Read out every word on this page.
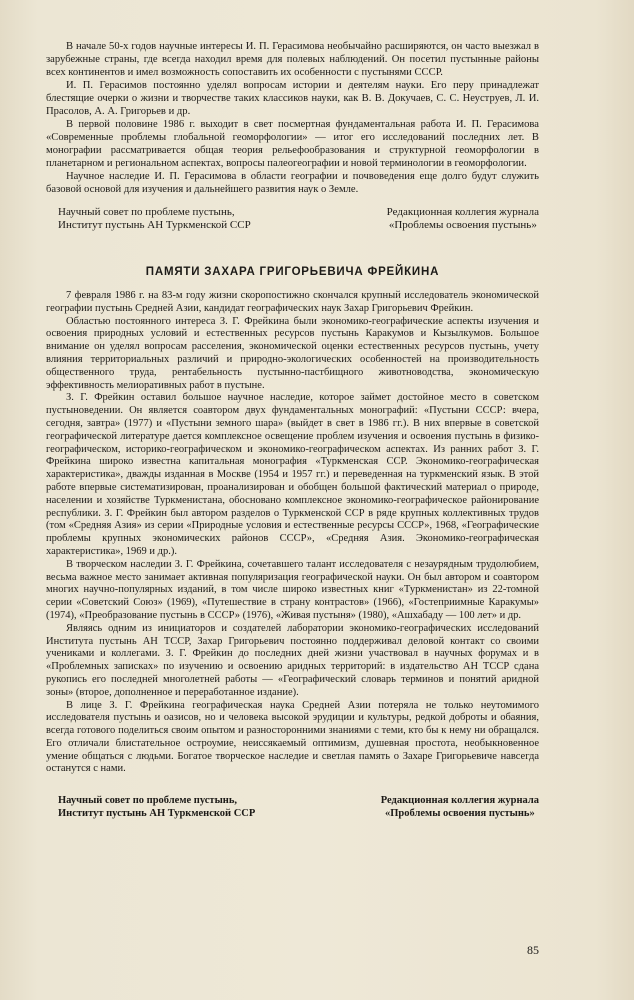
В начале 50-х годов научные интересы И. П. Герасимова необычайно расширяются, он часто выезжал в зарубежные страны, где всегда находил время для полевых наблюдений. Он посетил пустынные районы всех континентов и имел возможность сопоставить их особенности с пустынями СССР.

И. П. Герасимов постоянно уделял вопросам истории и деятелям науки. Его перу принадлежат блестящие очерки о жизни и творчестве таких классиков науки, как В. В. Докучаев, С. С. Неуструев, Л. И. Прасолов, А. А. Григорьев и др.

В первой половине 1986 г. выходит в свет посмертная фундаментальная работа И. П. Герасимова «Современные проблемы глобальной геоморфологии» — итог его исследований последних лет. В монографии рассматривается общая теория рельефообразования и структурной геоморфологии в планетарном и региональном аспектах, вопросы палеогеографии и новой терминологии в геоморфологии.

Научное наследие И. П. Герасимова в области географии и почвоведения еще долго будут служить базовой основой для изучения и дальнейшего развития наук о Земле.

Научный совет по проблеме пустынь,
Институт пустынь АН Туркменской ССР
Редакционная коллегия журнала
«Проблемы освоения пустынь»
ПАМЯТИ ЗАХАРА ГРИГОРЬЕВИЧА ФРЕЙКИНА

7 февраля 1986 г. на 83-м году жизни скоропостижно скончался крупный исследователь экономической географии пустынь Средней Азии, кандидат географических наук Захар Григорьевич Фрейкин.

Областью постоянного интереса З. Г. Фрейкина были экономико-географические аспекты изучения и освоения природных условий и естественных ресурсов пустынь Каракумов и Кызылкумов. Большое внимание он уделял вопросам расселения, экономической оценки естественных ресурсов пустынь, учету влияния территориальных различий и природно-экологических особенностей на производительность общественного труда, рентабельность пустынно-пастбищного животноводства, экономическую эффективность мелиоративных работ в пустыне.

З. Г. Фрейкин оставил большое научное наследие, которое займет достойное место в советском пустыноведении. Он является соавтором двух фундаментальных монографий: «Пустыни СССР: вчера, сегодня, завтра» (1977) и «Пустыни земного шара» (выйдет в свет в 1986 гг.). В них впервые в советской географической литературе дается комплексное освещение проблем изучения и освоения пустынь в физико-географическом, историко-географическом и экономико-географическом аспектах. Из ранних работ З. Г. Фрейкина широко известна капитальная монография «Туркменская ССР. Экономико-географическая характеристика», дважды изданная в Москве (1954 и 1957 гг.) и переведенная на туркменский язык. В этой работе впервые систематизирован, проанализирован и обобщен большой фактический материал о природе, населении и хозяйстве Туркменистана, обосновано комплексное экономико-географическое районирование республики. З. Г. Фрейкин был автором разделов о Туркменской ССР в ряде крупных коллективных трудов (том «Средняя Азия» из серии «Природные условия и естественные ресурсы СССР», 1968, «Географические проблемы крупных экономических районов СССР», «Средняя Азия. Экономико-географическая характеристика», 1969 и др.).

В творческом наследии З. Г. Фрейкина, сочетавшего талант исследователя с незаурядным трудолюбием, весьма важное место занимает активная популяризация географической науки. Он был автором и соавтором многих научно-популярных изданий, в том числе широко известных книг «Туркменистан» из 22-томной серии «Советский Союз» (1969), «Путешествие в страну контрастов» (1966), «Гостеприимные Каракумы» (1974), «Преобразование пустынь в СССР» (1976), «Живая пустыня» (1980), «Ашхабаду — 100 лет» и др.

Являясь одним из инициаторов и создателей лаборатории экономико-географических исследований Института пустынь АН ТССР, Захар Григорьевич постоянно поддерживал деловой контакт со своими учениками и коллегами. З. Г. Фрейкин до последних дней жизни участвовал в научных форумах и в «Проблемных записках» по изучению и освоению аридных территорий: в издательство АН ТССР сдана рукопись его последней многолетней работы — «Географический словарь терминов и понятий аридной зоны» (второе, дополненное и переработанное издание).

В лице З. Г. Фрейкина географическая наука Средней Азии потеряла не только неутомимого исследователя пустынь и оазисов, но и человека высокой эрудиции и культуры, редкой доброты и обаяния, всегда готового поделиться своим опытом и разносторонними знаниями с теми, кто бы к нему ни обращался. Его отличали блистательное остроумие, неиссякаемый оптимизм, душевная простота, необыкновенное умение общаться с людьми. Богатое творческое наследие и светлая память о Захаре Григорьевиче навсегда останутся с нами.

Научный совет по проблеме пустынь,
Институт пустынь АН Туркменской ССР
Редакционная коллегия журнала
«Проблемы освоения пустынь»
85
